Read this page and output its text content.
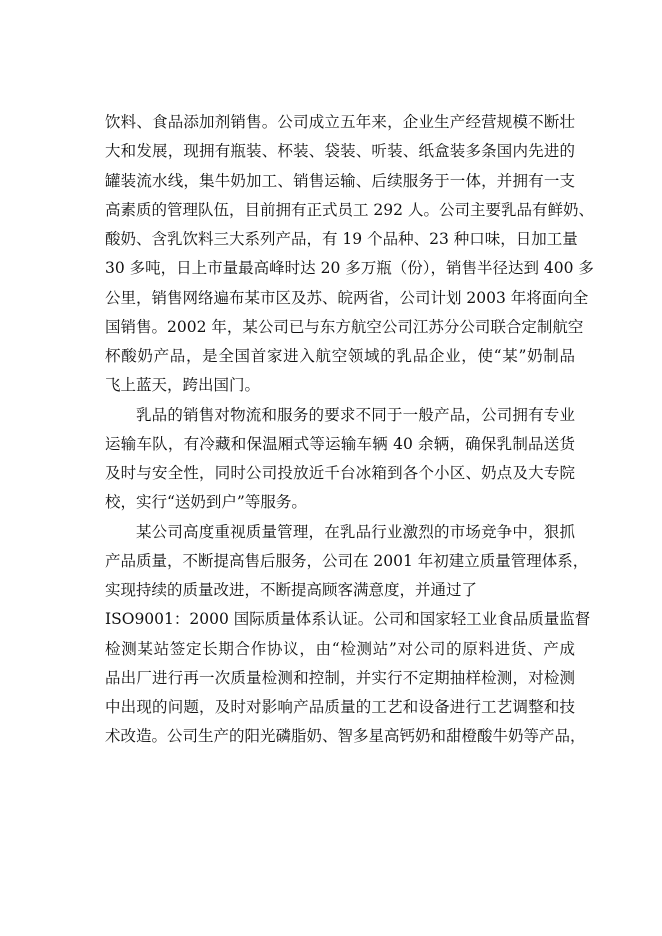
饮料、食品添加剂销售。公司成立五年来，企业生产经营规模不断壮
大和发展，现拥有瓶装、杯装、袋装、听装、纸盒装多条国内先进的
罐装流水线，集牛奶加工、销售运输、后续服务于一体，并拥有一支
高素质的管理队伍，目前拥有正式员工 292 人。公司主要乳品有鲜奶、
酸奶、含乳饮料三大系列产品，有 19 个品种、23 种口味，日加工量
30 多吨，日上市量最高峰时达 20 多万瓶（份），销售半径达到 400 多
公里，销售网络遍布某市区及苏、皖两省，公司计划 2003 年将面向全
国销售。2002 年，某公司已与东方航空公司江苏分公司联合定制航空
杯酸奶产品，是全国首家进入航空领域的乳品企业，使“某”奶制品
飞上蓝天，跨出国门。
乳品的销售对物流和服务的要求不同于一般产品，公司拥有专业
运输车队，有冷藏和保温厢式等运输车辆 40 余辆，确保乳制品送货
及时与安全性，同时公司投放近千台冰箱到各个小区、奶点及大专院
校，实行“送奶到户”等服务。
某公司高度重视质量管理，在乳品行业激烈的市场竞争中，狠抓
产品质量，不断提高售后服务，公司在 2001 年初建立质量管理体系，
实现持续的质量改进，不断提高顾客满意度，并通过了
ISO9001：2000 国际质量体系认证。公司和国家轻工业食品质量监督
检测某站签定长期合作协议，由“检测站”对公司的原料进货、产成
品出厂进行再一次质量检测和控制，并实行不定期抽样检测，对检测
中出现的问题，及时对影响产品质量的工艺和设备进行工艺调整和技
术改造。公司生产的阳光磷脂奶、智多星高钙奶和甜橙酸牛奶等产品，
